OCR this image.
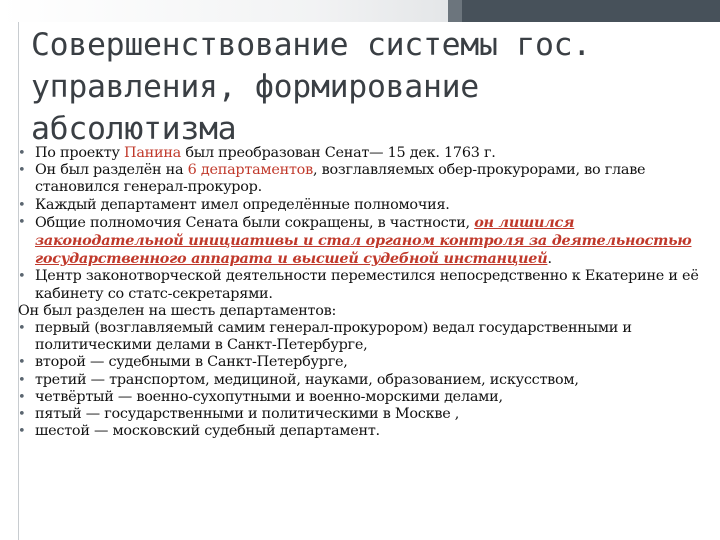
Совершенствование системы гос. управления, формирование абсолютизма
• По проекту Панина был преобразован Сенат— 15 дек. 1763 г.
• Он был разделён на 6 департаментов, возглавляемых обер-прокурорами, во главе становился генерал-прокурор.
• Каждый департамент имел определённые полномочия.
• Общие полномочия Сената были сокращены, в частности, он лишился законодательной инициативы и стал органом контроля за деятельностью государственного аппарата и высшей судебной инстанцией.
• Центр законотворческой деятельности переместился непосредственно к Екатерине и её кабинету со статс-секретарями.
Он был разделен на шесть департаментов:
• первый (возглавляемый самим генерал-прокурором) ведал государственными и политическими делами в Санкт-Петербурге,
• второй — судебными в Санкт-Петербурге,
• третий — транспортом, медициной, науками, образованием, искусством,
• четвёртый — военно-сухопутными и военно-морскими делами,
• пятый — государственными и политическими в Москве ,
• шестой — московский судебный департамент.
